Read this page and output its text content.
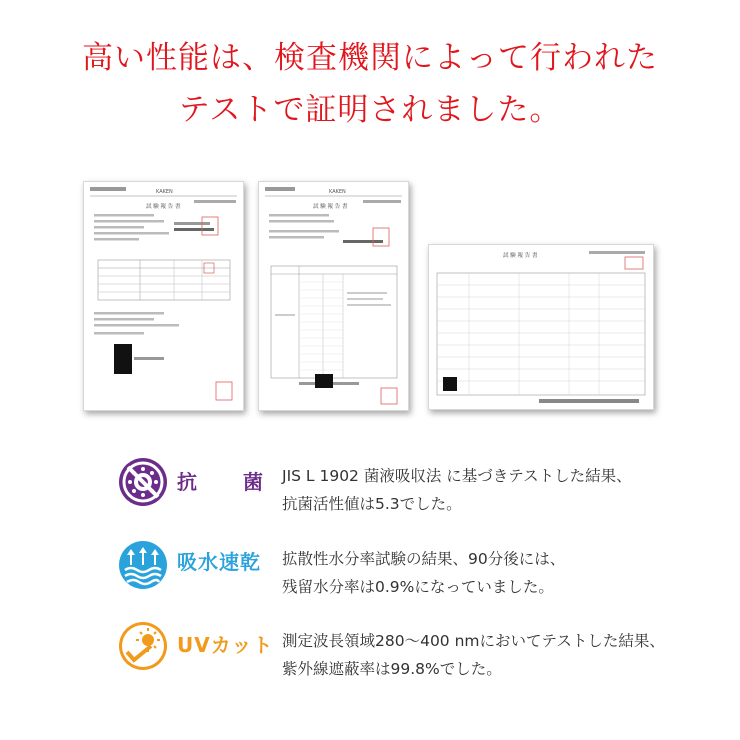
高い性能は、検査機関によって行われた
テストで証明されました。
KAKEN
試 験 報 告 書
KAKEN
試 験 報 告 書
試 験 報 告 書
抗 菌 JIS L 1902 菌液吸収法 に基づきテストした結果、
抗菌活性値は5.3でした。
吸水速乾 拡散性水分率試験の結果、90分後には、
残留水分率は0.9%になっていました。
UVカット 測定波長領域280～400 nmにおいてテストした結果、
紫外線遮蔽率は99.8%でした。
